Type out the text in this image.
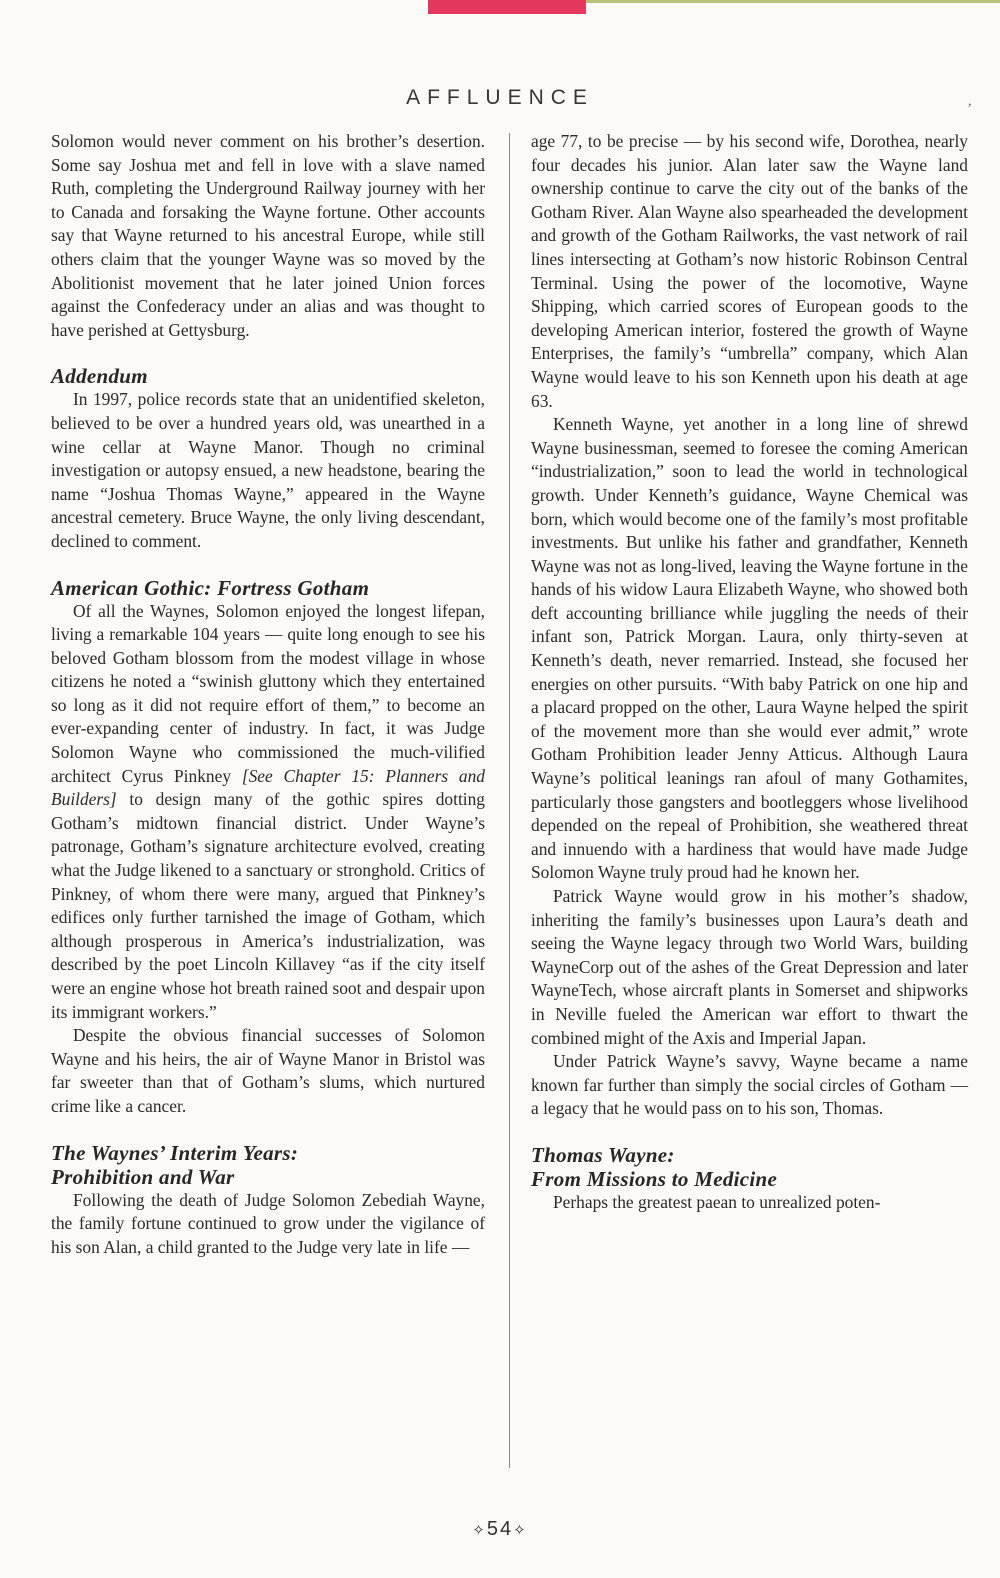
AFFLUENCE	,

Solomon would never comment on his brother’s desertion. Some say Joshua met and fell in love with a slave named Ruth, completing the Underground Railway journey with her to Canada and forsaking the Wayne fortune. Other accounts say that Wayne returned to his ancestral Europe, while still others claim that the younger Wayne was so moved by the Abolitionist movement that he later joined Union forces against the Confederacy under an alias and was thought to have perished at Gettysburg.

Addendum

In 1997, police records state that an unidentified skeleton, believed to be over a hundred years old, was unearthed in a wine cellar at Wayne Manor. Though no criminal investigation or autopsy ensued, a new headstone, bearing the name “Joshua Thomas Wayne,” appeared in the Wayne ancestral cemetery. Bruce Wayne, the only living descendant, declined to comment.

American Gothic: Fortress Gotham

Of all the Waynes, Solomon enjoyed the longest lifepan, living a remarkable 104 years — quite long enough to see his beloved Gotham blossom from the modest village in whose citizens he noted a “swinish gluttony which they entertained so long as it did not require effort of them,” to become an ever-expanding center of industry. In fact, it was Judge Solomon Wayne who commissioned the much-vilified architect Cyrus Pinkney [See Chapter 15: Planners and Builders] to design many of the gothic spires dotting Gotham’s midtown financial district. Under Wayne’s patronage, Gotham’s signature architecture evolved, creating what the Judge likened to a sanctuary or stronghold. Critics of Pinkney, of whom there were many, argued that Pinkney’s edifices only further tarnished the image of Gotham, which although prosperous in America’s industrialization, was described by the poet Lincoln Killavey “as if the city itself were an engine whose hot breath rained soot and despair upon its immigrant workers.”

Despite the obvious financial successes of Solomon Wayne and his heirs, the air of Wayne Manor in Bristol was far sweeter than that of Gotham’s slums, which nurtured crime like a cancer.

The Waynes’ Interim Years:
Prohibition and War

Following the death of Judge Solomon Zebediah Wayne, the family fortune continued to grow under the vigilance of his son Alan, a child granted to the Judge very late in life —

age 77, to be precise — by his second wife, Dorothea, nearly four decades his junior. Alan later saw the Wayne land ownership continue to carve the city out of the banks of the Gotham River. Alan Wayne also spearheaded the development and growth of the Gotham Railworks, the vast network of rail lines intersecting at Gotham’s now historic Robinson Central Terminal. Using the power of the locomotive, Wayne Shipping, which carried scores of European goods to the developing American interior, fostered the growth of Wayne Enterprises, the family’s “umbrella” company, which Alan Wayne would leave to his son Kenneth upon his death at age 63.

Kenneth Wayne, yet another in a long line of shrewd Wayne businessman, seemed to foresee the coming American “industrialization,” soon to lead the world in technological growth. Under Kenneth’s guidance, Wayne Chemical was born, which would become one of the family’s most profitable investments. But unlike his father and grandfather, Kenneth Wayne was not as long-lived, leaving the Wayne fortune in the hands of his widow Laura Elizabeth Wayne, who showed both deft accounting brilliance while juggling the needs of their infant son, Patrick Morgan. Laura, only thirty-seven at Kenneth’s death, never remarried. Instead, she focused her energies on other pursuits. “With baby Patrick on one hip and a placard propped on the other, Laura Wayne helped the spirit of the movement more than she would ever admit,” wrote Gotham Prohibition leader Jenny Atticus. Although Laura Wayne’s political leanings ran afoul of many Gothamites, particularly those gangsters and bootleggers whose livelihood depended on the repeal of Prohibition, she weathered threat and innuendo with a hardiness that would have made Judge Solomon Wayne truly proud had he known her.

Patrick Wayne would grow in his mother’s shadow, inheriting the family’s businesses upon Laura’s death and seeing the Wayne legacy through two World Wars, building WayneCorp out of the ashes of the Great Depression and later WayneTech, whose aircraft plants in Somerset and shipworks in Neville fueled the American war effort to thwart the combined might of the Axis and Imperial Japan.

Under Patrick Wayne’s savvy, Wayne became a name known far further than simply the social circles of Gotham — a legacy that he would pass on to his son, Thomas.

Thomas Wayne:
From Missions to Medicine

Perhaps the greatest paean to unrealized poten-

✧54✧
